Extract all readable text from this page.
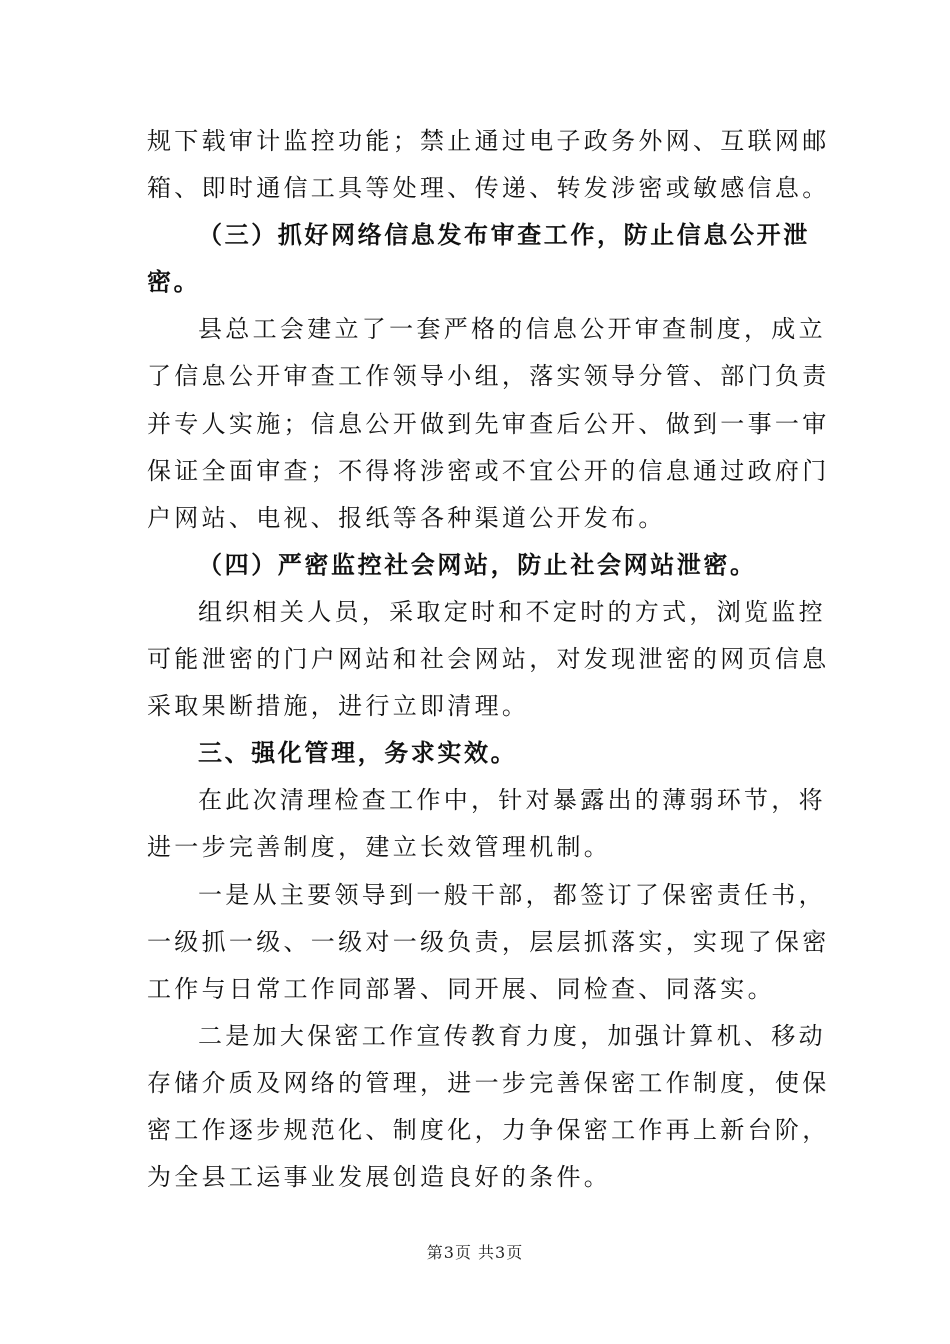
规下载审计监控功能；禁止通过电子政务外网、互联网邮
箱、即时通信工具等处理、传递、转发涉密或敏感信息。
（三）抓好网络信息发布审查工作，防止信息公开泄
密。
县总工会建立了一套严格的信息公开审查制度，成立
了信息公开审查工作领导小组，落实领导分管、部门负责
并专人实施；信息公开做到先审查后公开、做到一事一审
保证全面审查；不得将涉密或不宜公开的信息通过政府门
户网站、电视、报纸等各种渠道公开发布。
（四）严密监控社会网站，防止社会网站泄密。
组织相关人员，采取定时和不定时的方式，浏览监控
可能泄密的门户网站和社会网站，对发现泄密的网页信息
采取果断措施，进行立即清理。
三、强化管理，务求实效。
在此次清理检查工作中，针对暴露出的薄弱环节，将
进一步完善制度，建立长效管理机制。
一是从主要领导到一般干部，都签订了保密责任书，
一级抓一级、一级对一级负责，层层抓落实，实现了保密
工作与日常工作同部署、同开展、同检查、同落实。
二是加大保密工作宣传教育力度，加强计算机、移动
存储介质及网络的管理，进一步完善保密工作制度，使保
密工作逐步规范化、制度化，力争保密工作再上新台阶，
为全县工运事业发展创造良好的条件。
第3页 共3页
